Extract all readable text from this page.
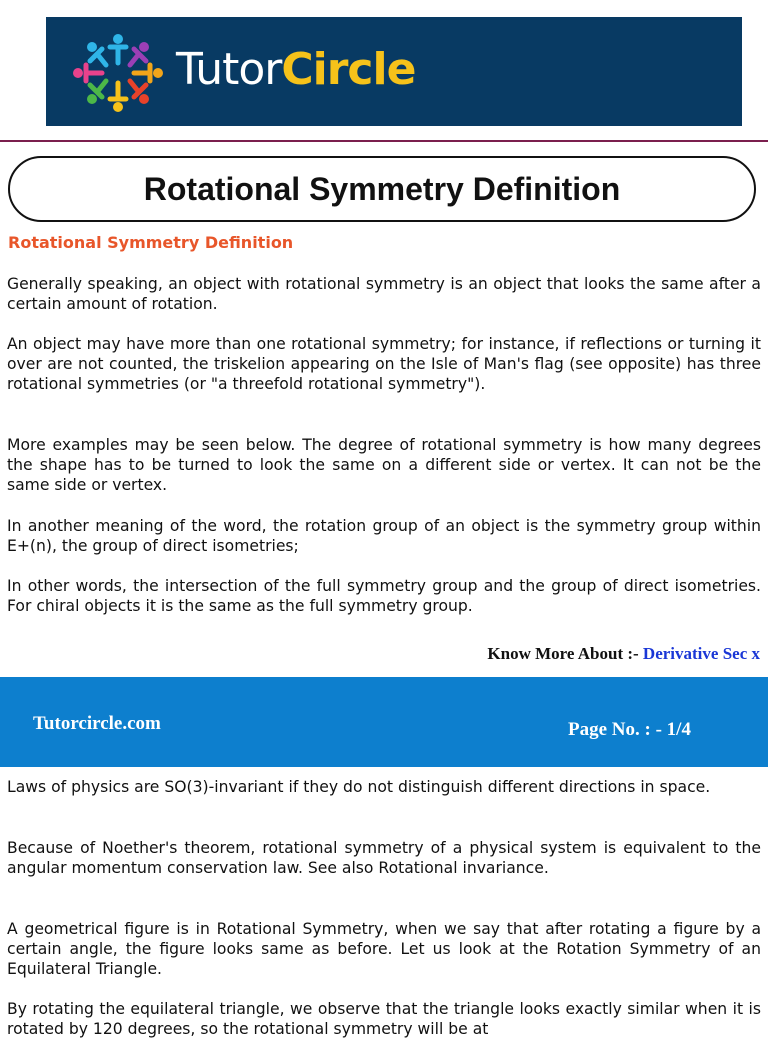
TutorCircle
Rotational Symmetry Definition
Rotational Symmetry Definition

Generally speaking, an object with rotational symmetry is an object that looks the same after a certain amount of rotation.

An object may have more than one rotational symmetry; for instance, if reflections or turning it over are not counted, the triskelion appearing on the Isle of Man's flag (see opposite) has three rotational symmetries (or "a threefold rotational symmetry").

More examples may be seen below. The degree of rotational symmetry is how many degrees the shape has to be turned to look the same on a different side or vertex. It can not be the same side or vertex.

In another meaning of the word, the rotation group of an object is the symmetry group within E+(n), the group of direct isometries;

In other words, the intersection of the full symmetry group and the group of direct isometries. For chiral objects it is the same as the full symmetry group.

Know More About :- Derivative Sec x
Tutorcircle.com	Page No. : - 1/4

Laws of physics are SO(3)-invariant if they do not distinguish different directions in space.

Because of Noether's theorem, rotational symmetry of a physical system is equivalent to the angular momentum conservation law. See also Rotational invariance.

A geometrical figure is in Rotational Symmetry, when we say that after rotating a figure by a certain angle, the figure looks same as before. Let us look at the Rotation Symmetry of an Equilateral Triangle.

By rotating the equilateral triangle, we observe that the triangle looks exactly similar when it is rotated by 120 degrees, so the rotational symmetry will be at
